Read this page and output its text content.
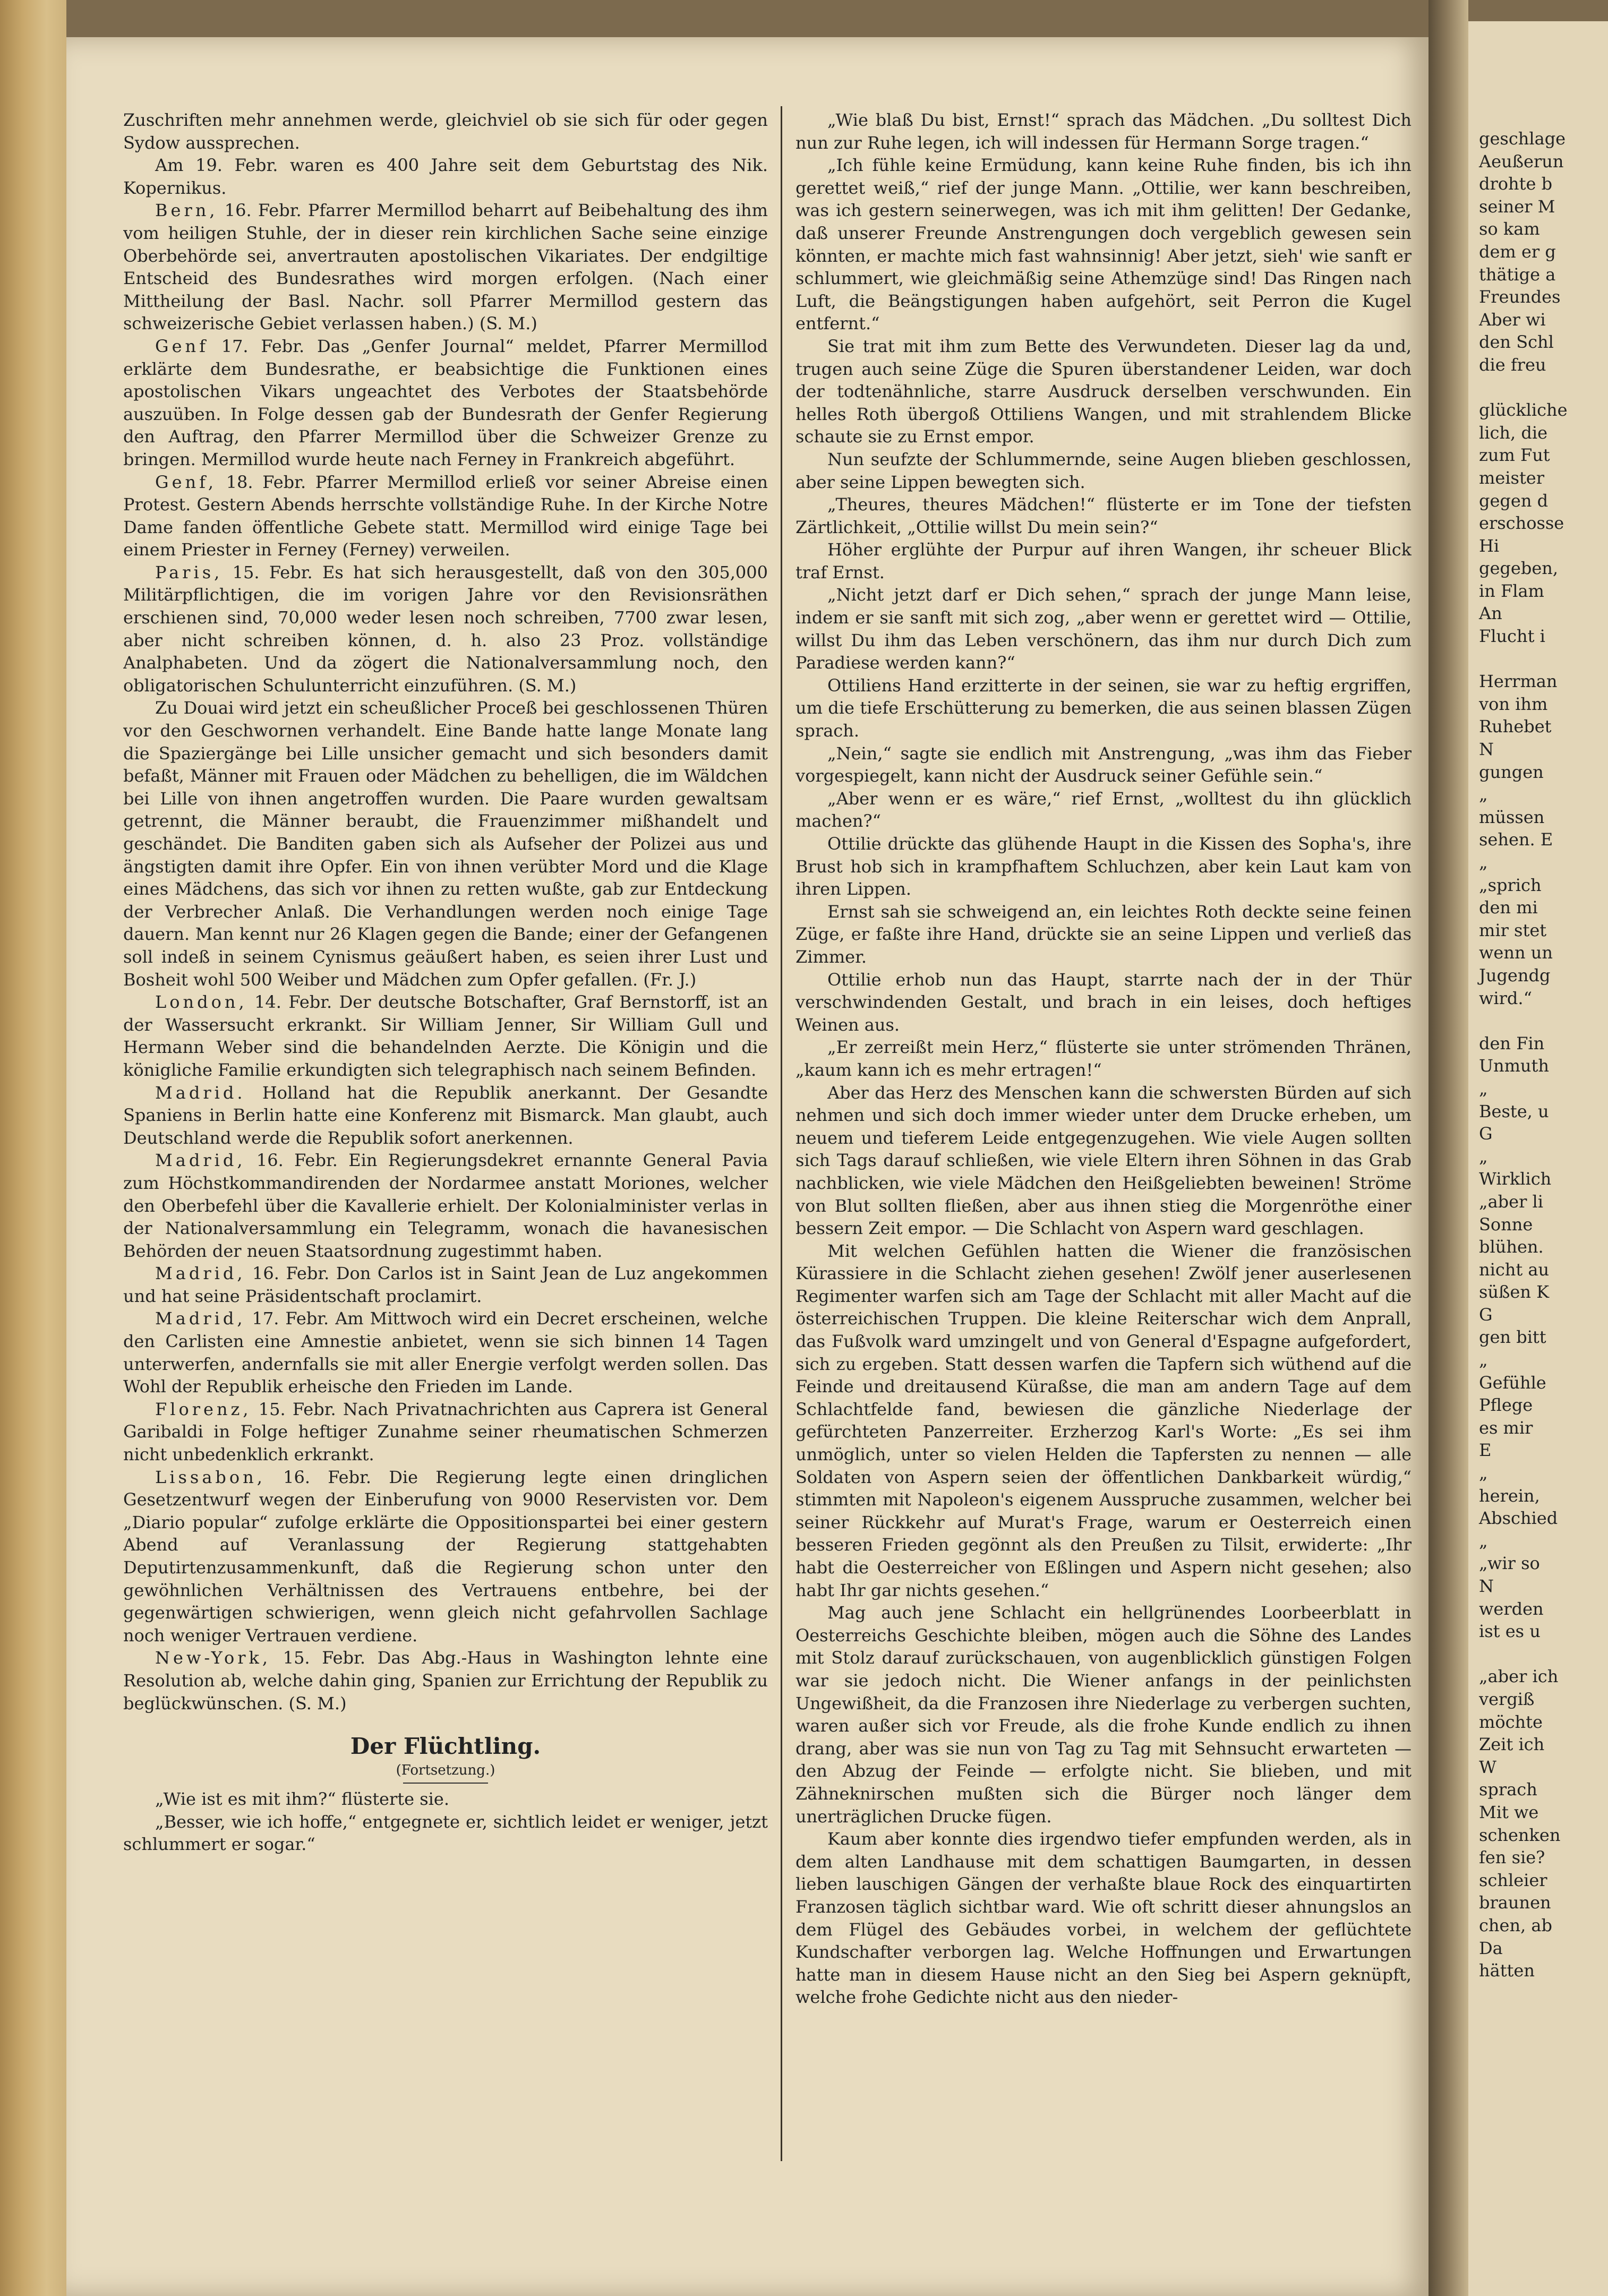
geschlage
Aeußerun
drohte b
seiner M
so kam
dem er g
thätige a
Freundes
Aber wi
den Schl
die freu
glückliche
lich, die
zum Fut
meister
gegen d
erschosse
Hi
gegeben,
in Flam
An
Flucht i
Herrman
von ihm
Ruhebet
N
gungen
„
müssen
sehen. E
„
„sprich
den mi
mir stet
wenn un
Jugendg
wird.“
den Fin
Unmuth
„
Beste, u
G
„
Wirklich
„aber li
Sonne
blühen.
nicht au
süßen K
G
gen bitt
„
Gefühle
Pflege
es mir
E
„
herein,
Abschied
„
„wir so
N
werden
ist es u
„aber ich
vergiß
möchte
Zeit ich
W
sprach
Mit we
schenken
fen sie?
schleier
braunen
chen, ab
Da
hätten

Zuschriften mehr annehmen werde, gleichviel ob sie sich für oder gegen Sydow aussprechen.

Am 19. Febr. waren es 400 Jahre seit dem Geburtstag des Nik. Kopernikus.

Bern, 16. Febr. Pfarrer Mermillod beharrt auf Beibehaltung des ihm vom heiligen Stuhle, der in dieser rein kirchlichen Sache seine einzige Oberbehörde sei, anvertrauten apostolischen Vikariates. Der endgiltige Entscheid des Bundesrathes wird morgen erfolgen. (Nach einer Mittheilung der Basl. Nachr. soll Pfarrer Mermillod gestern das schweizerische Gebiet verlassen haben.) (S. M.)

Genf 17. Febr. Das „Genfer Journal“ meldet, Pfarrer Mermillod erklärte dem Bundesrathe, er beabsichtige die Funktionen eines apostolischen Vikars ungeachtet des Verbotes der Staatsbehörde auszuüben. In Folge dessen gab der Bundesrath der Genfer Regierung den Auftrag, den Pfarrer Mermillod über die Schweizer Grenze zu bringen. Mermillod wurde heute nach Ferney in Frankreich abgeführt.

Genf, 18. Febr. Pfarrer Mermillod erließ vor seiner Abreise einen Protest. Gestern Abends herrschte vollständige Ruhe. In der Kirche Notre Dame fanden öffentliche Gebete statt. Mermillod wird einige Tage bei einem Priester in Ferney (Ferney) verweilen.

Paris, 15. Febr. Es hat sich herausgestellt, daß von den 305,000 Militärpflichtigen, die im vorigen Jahre vor den Revisionsräthen erschienen sind, 70,000 weder lesen noch schreiben, 7700 zwar lesen, aber nicht schreiben können, d. h. also 23 Proz. vollständige Analphabeten. Und da zögert die Nationalversammlung noch, den obligatorischen Schulunterricht einzuführen. (S. M.)

Zu Douai wird jetzt ein scheußlicher Proceß bei geschlossenen Thüren vor den Geschwornen verhandelt. Eine Bande hatte lange Monate lang die Spaziergänge bei Lille unsicher gemacht und sich besonders damit befaßt, Männer mit Frauen oder Mädchen zu behelligen, die im Wäldchen bei Lille von ihnen angetroffen wurden. Die Paare wurden gewaltsam getrennt, die Männer beraubt, die Frauenzimmer mißhandelt und geschändet. Die Banditen gaben sich als Aufseher der Polizei aus und ängstigten damit ihre Opfer. Ein von ihnen verübter Mord und die Klage eines Mädchens, das sich vor ihnen zu retten wußte, gab zur Entdeckung der Verbrecher Anlaß. Die Verhandlungen werden noch einige Tage dauern. Man kennt nur 26 Klagen gegen die Bande; einer der Gefangenen soll indeß in seinem Cynismus geäußert haben, es seien ihrer Lust und Bosheit wohl 500 Weiber und Mädchen zum Opfer gefallen. (Fr. J.)

London, 14. Febr. Der deutsche Botschafter, Graf Bernstorff, ist an der Wassersucht erkrankt. Sir William Jenner, Sir William Gull und Hermann Weber sind die behandelnden Aerzte. Die Königin und die königliche Familie erkundigten sich telegraphisch nach seinem Befinden.

Madrid. Holland hat die Republik anerkannt. Der Gesandte Spaniens in Berlin hatte eine Konferenz mit Bismarck. Man glaubt, auch Deutschland werde die Republik sofort anerkennen.

Madrid, 16. Febr. Ein Regierungsdekret ernannte General Pavia zum Höchstkommandirenden der Nordarmee anstatt Moriones, welcher den Oberbefehl über die Kavallerie erhielt. Der Kolonialminister verlas in der Nationalversammlung ein Telegramm, wonach die havanesischen Behörden der neuen Staatsordnung zugestimmt haben.

Madrid, 16. Febr. Don Carlos ist in Saint Jean de Luz angekommen und hat seine Präsidentschaft proclamirt.

Madrid, 17. Febr. Am Mittwoch wird ein Decret erscheinen, welche den Carlisten eine Amnestie anbietet, wenn sie sich binnen 14 Tagen unterwerfen, andernfalls sie mit aller Energie verfolgt werden sollen. Das Wohl der Republik erheische den Frieden im Lande.

Florenz, 15. Febr. Nach Privatnachrichten aus Caprera ist General Garibaldi in Folge heftiger Zunahme seiner rheumatischen Schmerzen nicht unbedenklich erkrankt.

Lissabon, 16. Febr. Die Regierung legte einen dringlichen Gesetzentwurf wegen der Einberufung von 9000 Reservisten vor. Dem „Diario popular“ zufolge erklärte die Oppositionspartei bei einer gestern Abend auf Veranlassung der Regierung stattgehabten Deputirtenzusammenkunft, daß die Regierung schon unter den gewöhnlichen Verhältnissen des Vertrauens entbehre, bei der gegenwärtigen schwierigen, wenn gleich nicht gefahrvollen Sachlage noch weniger Vertrauen verdiene.

New-York, 15. Febr. Das Abg.-Haus in Washington lehnte eine Resolution ab, welche dahin ging, Spanien zur Errichtung der Republik zu beglückwünschen. (S. M.)

Der Flüchtling.
(Fortsetzung.)

„Wie ist es mit ihm?“ flüsterte sie.

„Besser, wie ich hoffe,“ entgegnete er, sichtlich leidet er weniger, jetzt schlummert er sogar.“

„Wie blaß Du bist, Ernst!“ sprach das Mädchen. „Du solltest Dich nun zur Ruhe legen, ich will indessen für Hermann Sorge tragen.“

„Ich fühle keine Ermüdung, kann keine Ruhe finden, bis ich ihn gerettet weiß,“ rief der junge Mann. „Ottilie, wer kann beschreiben, was ich gestern seinerwegen, was ich mit ihm gelitten! Der Gedanke, daß unserer Freunde Anstrengungen doch vergeblich gewesen sein könnten, er machte mich fast wahnsinnig! Aber jetzt, sieh' wie sanft er schlummert, wie gleichmäßig seine Athemzüge sind! Das Ringen nach Luft, die Beängstigungen haben aufgehört, seit Perron die Kugel entfernt.“

Sie trat mit ihm zum Bette des Verwundeten. Dieser lag da und, trugen auch seine Züge die Spuren überstandener Leiden, war doch der todtenähnliche, starre Ausdruck derselben verschwunden. Ein helles Roth übergoß Ottiliens Wangen, und mit strahlendem Blicke schaute sie zu Ernst empor.

Nun seufzte der Schlummernde, seine Augen blieben geschlossen, aber seine Lippen bewegten sich.

„Theures, theures Mädchen!“ flüsterte er im Tone der tiefsten Zärtlichkeit, „Ottilie willst Du mein sein?“

Höher erglühte der Purpur auf ihren Wangen, ihr scheuer Blick traf Ernst.

„Nicht jetzt darf er Dich sehen,“ sprach der junge Mann leise, indem er sie sanft mit sich zog, „aber wenn er gerettet wird — Ottilie, willst Du ihm das Leben verschönern, das ihm nur durch Dich zum Paradiese werden kann?“

Ottiliens Hand erzitterte in der seinen, sie war zu heftig ergriffen, um die tiefe Erschütterung zu bemerken, die aus seinen blassen Zügen sprach.

„Nein,“ sagte sie endlich mit Anstrengung, „was ihm das Fieber vorgespiegelt, kann nicht der Ausdruck seiner Gefühle sein.“

„Aber wenn er es wäre,“ rief Ernst, „wolltest du ihn glücklich machen?“

Ottilie drückte das glühende Haupt in die Kissen des Sopha's, ihre Brust hob sich in krampfhaftem Schluchzen, aber kein Laut kam von ihren Lippen.

Ernst sah sie schweigend an, ein leichtes Roth deckte seine feinen Züge, er faßte ihre Hand, drückte sie an seine Lippen und verließ das Zimmer.

Ottilie erhob nun das Haupt, starrte nach der in der Thür verschwindenden Gestalt, und brach in ein leises, doch heftiges Weinen aus.

„Er zerreißt mein Herz,“ flüsterte sie unter strömenden Thränen, „kaum kann ich es mehr ertragen!“

Aber das Herz des Menschen kann die schwersten Bürden auf sich nehmen und sich doch immer wieder unter dem Drucke erheben, um neuem und tieferem Leide entgegenzugehen. Wie viele Augen sollten sich Tags darauf schließen, wie viele Eltern ihren Söhnen in das Grab nachblicken, wie viele Mädchen den Heißgeliebten beweinen! Ströme von Blut sollten fließen, aber aus ihnen stieg die Morgenröthe einer bessern Zeit empor. — Die Schlacht von Aspern ward geschlagen.

Mit welchen Gefühlen hatten die Wiener die französischen Kürassiere in die Schlacht ziehen gesehen! Zwölf jener auserlesenen Regimenter warfen sich am Tage der Schlacht mit aller Macht auf die österreichischen Truppen. Die kleine Reiterschar wich dem Anprall, das Fußvolk ward umzingelt und von General d'Espagne aufgefordert, sich zu ergeben. Statt dessen warfen die Tapfern sich wüthend auf die Feinde und dreitausend Küraßse, die man am andern Tage auf dem Schlachtfelde fand, bewiesen die gänzliche Niederlage der gefürchteten Panzerreiter. Erzherzog Karl's Worte: „Es sei ihm unmöglich, unter so vielen Helden die Tapfersten zu nennen — alle Soldaten von Aspern seien der öffentlichen Dankbarkeit würdig,“ stimmten mit Napoleon's eigenem Ausspruche zusammen, welcher bei seiner Rückkehr auf Murat's Frage, warum er Oesterreich einen besseren Frieden gegönnt als den Preußen zu Tilsit, erwiderte: „Ihr habt die Oesterreicher von Eßlingen und Aspern nicht gesehen; also habt Ihr gar nichts gesehen.“

Mag auch jene Schlacht ein hellgrünendes Loorbeerblatt in Oesterreichs Geschichte bleiben, mögen auch die Söhne des Landes mit Stolz darauf zurückschauen, von augenblicklich günstigen Folgen war sie jedoch nicht. Die Wiener anfangs in der peinlichsten Ungewißheit, da die Franzosen ihre Niederlage zu verbergen suchten, waren außer sich vor Freude, als die frohe Kunde endlich zu ihnen drang, aber was sie nun von Tag zu Tag mit Sehnsucht erwarteten — den Abzug der Feinde — erfolgte nicht. Sie blieben, und mit Zähneknirschen mußten sich die Bürger noch länger dem unerträglichen Drucke fügen.

Kaum aber konnte dies irgendwo tiefer empfunden werden, als in dem alten Landhause mit dem schattigen Baumgarten, in dessen lieben lauschigen Gängen der verhaßte blaue Rock des einquartirten Franzosen täglich sichtbar ward. Wie oft schritt dieser ahnungslos an dem Flügel des Gebäudes vorbei, in welchem der geflüchtete Kundschafter verborgen lag. Welche Hoffnungen und Erwartungen hatte man in diesem Hause nicht an den Sieg bei Aspern geknüpft, welche frohe Gedichte nicht aus den nieder-
